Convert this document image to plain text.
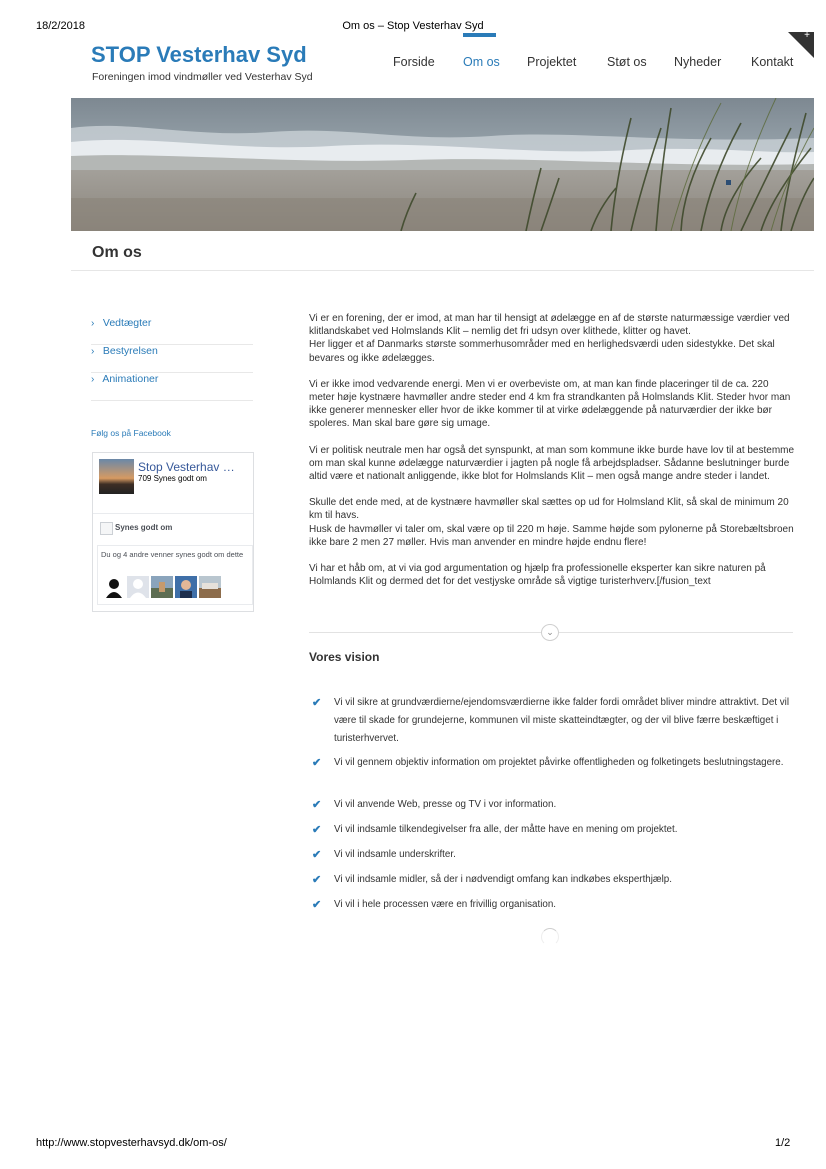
18/2/2018	Om os – Stop Vesterhav Syd
+
STOP Vesterhav Syd
Foreningen imod vindmøller ved Vesterhav Syd
Forside Om os Projektet Støt os Nyheder Kontakt
Om os
› Vedtægter
› Bestyrelsen
› Animationer
Følg os på Facebook
Stop Vesterhav …
709 Synes godt om
Synes godt om
Du og 4 andre venner synes godt om dette

Vi er en forening, der er imod, at man har til hensigt at ødelægge en af de største naturmæssige værdier ved klitlandskabet ved Holmslands Klit – nemlig det fri udsyn over klithede, klitter og havet.
Her ligger et af Danmarks største sommerhusområder med en herlighedsværdi uden sidestykke. Det skal bevares og ikke ødelægges.

Vi er ikke imod vedvarende energi. Men vi er overbeviste om, at man kan finde placeringer til de ca. 220 meter høje kystnære havmøller andre steder end 4 km fra strandkanten på Holmslands Klit. Steder hvor man ikke generer mennesker eller hvor de ikke kommer til at virke ødelæggende på naturværdier der ikke bør spoleres. Man skal bare gøre sig umage.

Vi er politisk neutrale men har også det synspunkt, at man som kommune ikke burde have lov til at bestemme om man skal kunne ødelægge naturværdier i jagten på nogle få arbejdspladser. Sådanne beslutninger burde altid være et nationalt anliggende, ikke blot for Holmslands Klit – men også mange andre steder i landet.

Skulle det ende med, at de kystnære havmøller skal sættes op ud for Holmsland Klit, så skal de minimum 20 km til havs.
Husk de havmøller vi taler om, skal være op til 220 m høje. Samme højde som pylonerne på Storebæltsbroen ikke bare 2 men 27 møller. Hvis man anvender en mindre højde endnu flere!

Vi har et håb om, at vi via god argumentation og hjælp fra professionelle eksperter kan sikre naturen på Holmlands Klit og dermed det for det vestjyske område så vigtige turisterhverv.[/fusion_text

⌄
Vores vision
✔	Vi vil sikre at grundværdierne/ejendomsværdierne ikke falder fordi området bliver mindre attraktivt. Det vil være til skade for grundejerne, kommunen vil miste skatteindtægter, og der vil blive færre beskæftiget i turisterhvervet.
✔	Vi vil gennem objektiv information om projektet påvirke offentligheden og folketingets beslutningstagere.
✔	Vi vil anvende Web, presse og TV i vor information.
✔	Vi vil indsamle tilkendegivelser fra alle, der måtte have en mening om projektet.
✔	Vi vil indsamle underskrifter.
✔	Vi vil indsamle midler, så der i nødvendigt omfang kan indkøbes eksperthjælp.
✔	Vi vil i hele processen være en frivillig organisation.
http://www.stopvesterhavsyd.dk/om-os/	1/2
